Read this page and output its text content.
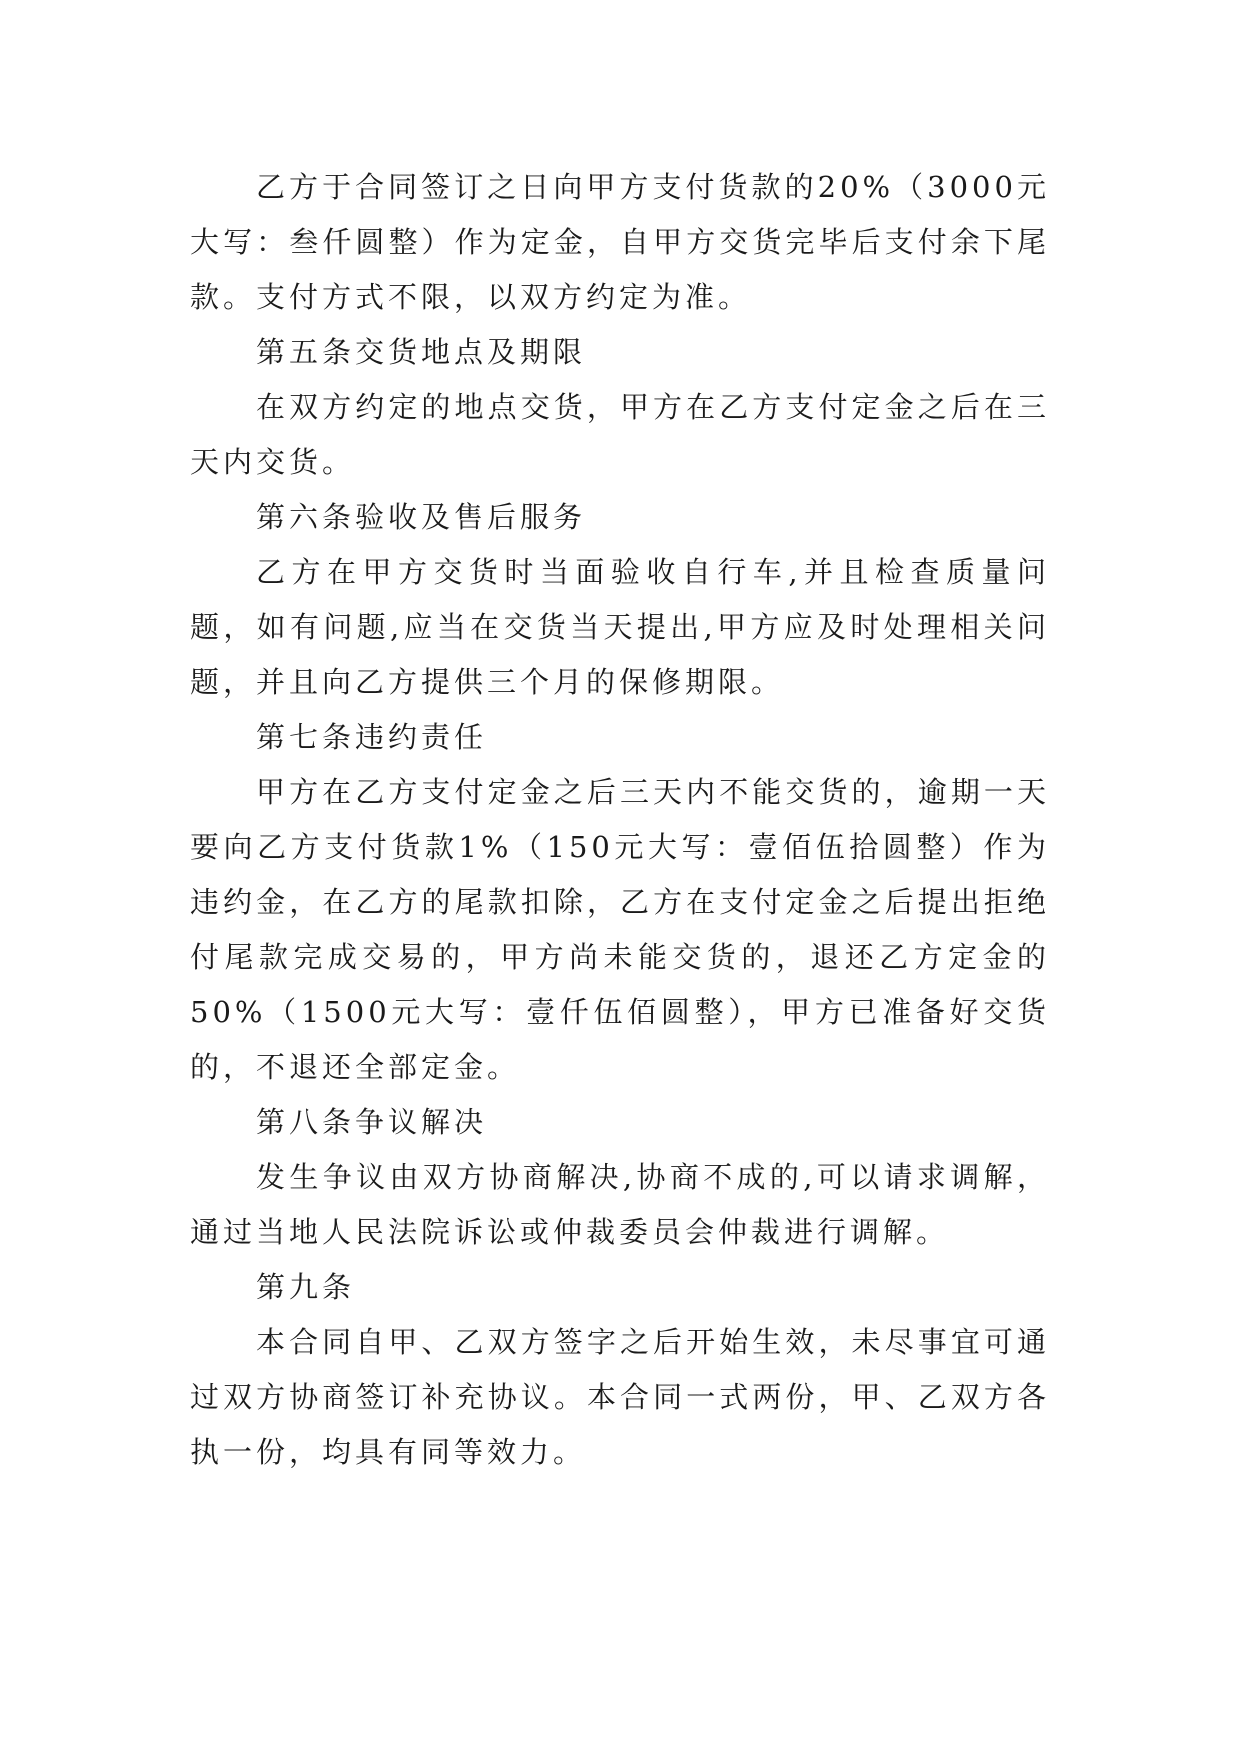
乙方于合同签订之日向甲方支付货款的20%（3000元大写：叁仟圆整）作为定金，自甲方交货完毕后支付余下尾款。支付方式不限，以双方约定为准。

第五条交货地点及期限

在双方约定的地点交货，甲方在乙方支付定金之后在三天内交货。

第六条验收及售后服务

乙方在甲方交货时当面验收自行车,并且检查质量问题，如有问题,应当在交货当天提出,甲方应及时处理相关问题，并且向乙方提供三个月的保修期限。

第七条违约责任

甲方在乙方支付定金之后三天内不能交货的，逾期一天要向乙方支付货款1%（150元大写：壹佰伍拾圆整）作为违约金，在乙方的尾款扣除，乙方在支付定金之后提出拒绝付尾款完成交易的，甲方尚未能交货的，退还乙方定金的50%（1500元大写：壹仟伍佰圆整），甲方已准备好交货的，不退还全部定金。

第八条争议解决

发生争议由双方协商解决,协商不成的,可以请求调解，通过当地人民法院诉讼或仲裁委员会仲裁进行调解。

第九条

本合同自甲、乙双方签字之后开始生效，未尽事宜可通过双方协商签订补充协议。本合同一式两份，甲、乙双方各执一份，均具有同等效力。
